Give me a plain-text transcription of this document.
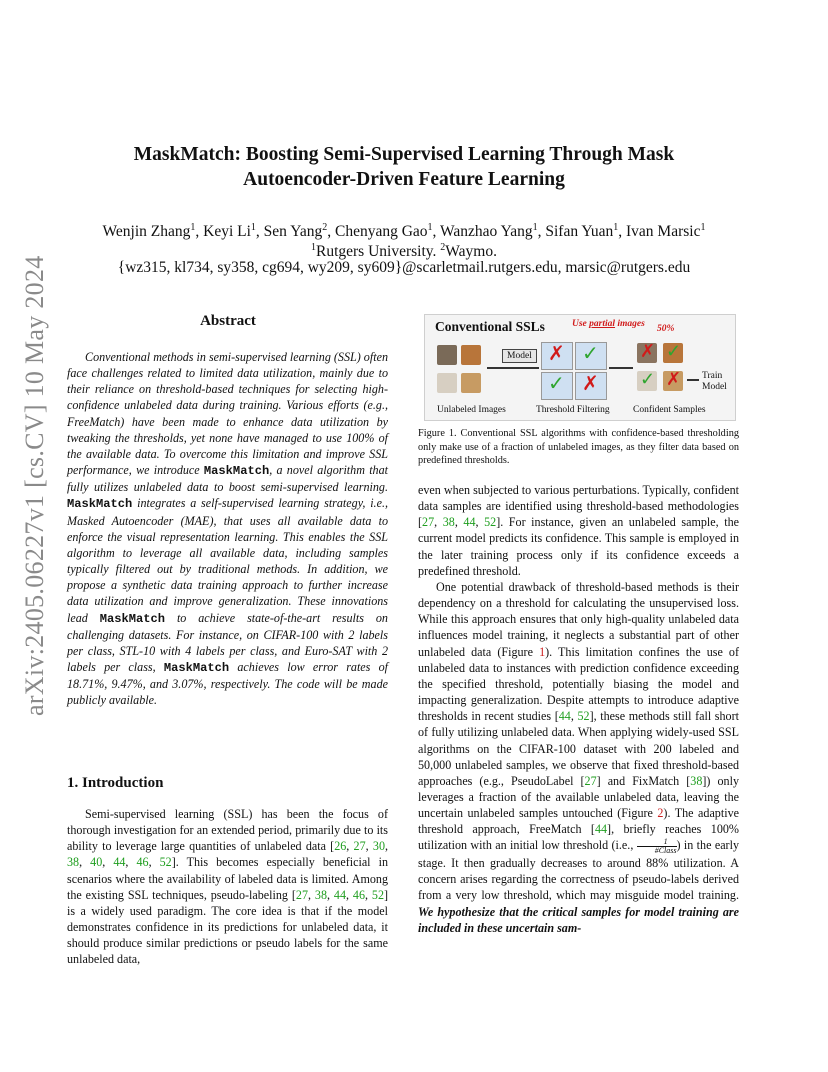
arXiv:2405.06227v1 [cs.CV] 10 May 2024
MaskMatch: Boosting Semi-Supervised Learning Through Mask
Autoencoder-Driven Feature Learning
Wenjin Zhang$^1$, Keyi Li$^1$, Sen Yang$^2$, Chenyang Gao$^1$, Wanzhao Yang$^1$, Sifan Yuan$^1$, Ivan Marsic$^1$
$^1$Rutgers University. $^2$Waymo.
{wz315, kl734, sy358, cg694, wy209, sy609}@scarletmail.rutgers.edu, marsic@rutgers.edu
Abstract
Conventional methods in semi-supervised learning (SSL) often face challenges related to limited data utilization, mainly due to their reliance on threshold-based techniques for selecting high-confidence unlabeled data during training. Various efforts (e.g., FreeMatch) have been made to enhance data utilization by tweaking the thresholds, yet none have managed to use 100% of the available data. To overcome this limitation and improve SSL performance, we introduce MaskMatch, a novel algorithm that fully utilizes unlabeled data to boost semi-supervised learning. MaskMatch integrates a self-supervised learning strategy, i.e., Masked Autoencoder (MAE), that uses all available data to enforce the visual representation learning. This enables the SSL algorithm to leverage all available data, including samples typically filtered out by traditional methods. In addition, we propose a synthetic data training approach to further increase data utilization and improve generalization. These innovations lead MaskMatch to achieve state-of-the-art results on challenging datasets. For instance, on CIFAR-100 with 2 labels per class, STL-10 with 4 labels per class, and Euro-SAT with 2 labels per class, MaskMatch achieves low error rates of 18.71%, 9.47%, and 3.07%, respectively. The code will be made publicly available.
1. Introduction
Semi-supervised learning (SSL) has been the focus of thorough investigation for an extended period, primarily due to its ability to leverage large quantities of unlabeled data [26, 27, 30, 38, 40, 44, 46, 52]. This becomes especially beneficial in scenarios where the availability of labeled data is limited. Among the existing SSL techniques, pseudo-labeling [27, 38, 44, 46, 52] is a widely used paradigm. The core idea is that if the model demonstrates confidence in its predictions for unlabeled data, it should produce similar predictions or pseudo labels for the same unlabeled data,
Conventional SSLs	Use partial images 50%
Model ✗ ✓
✓ ✗
✗ ✓
✓ ✗ Train
Model
Unlabeled Images	Threshold Filtering Confident Samples
Figure 1. Conventional SSL algorithms with confidence-based thresholding only make use of a fraction of unlabeled images, as they filter data based on predefined thresholds.

even when subjected to various perturbations. Typically, confident data samples are identified using threshold-based methodologies [27, 38, 44, 52]. For instance, given an unlabeled sample, the current model predicts its confidence. This sample is employed in the later training process only if its confidence exceeds a predefined threshold.

One potential drawback of threshold-based methods is their dependency on a threshold for calculating the unsupervised loss. While this approach ensures that only high-quality unlabeled data influences model training, it neglects a substantial part of other unlabeled data (Figure 1). This limitation confines the use of unlabeled data to instances with prediction confidence exceeding the specified threshold, potentially biasing the model and impacting generalization. Despite attempts to introduce adaptive thresholds in recent studies [44, 52], these methods still fall short of fully utilizing unlabeled data. When applying widely-used SSL algorithms on the CIFAR-100 dataset with 200 labeled and 50,000 unlabeled samples, we observe that fixed threshold-based approaches (e.g., PseudoLabel [27] and FixMatch [38]) only leverages a fraction of the available unlabeled data, leaving the uncertain unlabeled samples untouched (Figure 2). The adaptive threshold approach, FreeMatch [44], briefly reaches 100% utilization with an initial low threshold (i.e., $\frac{1}{\text{\#Class}}$ ) in the early stage. It then gradually decreases to around 88% utilization. A concern arises regarding the correctness of pseudo-labels derived from a very low threshold, which may misguide model training. We hypothesize that the critical samples for model training are included in these uncertain sam-
